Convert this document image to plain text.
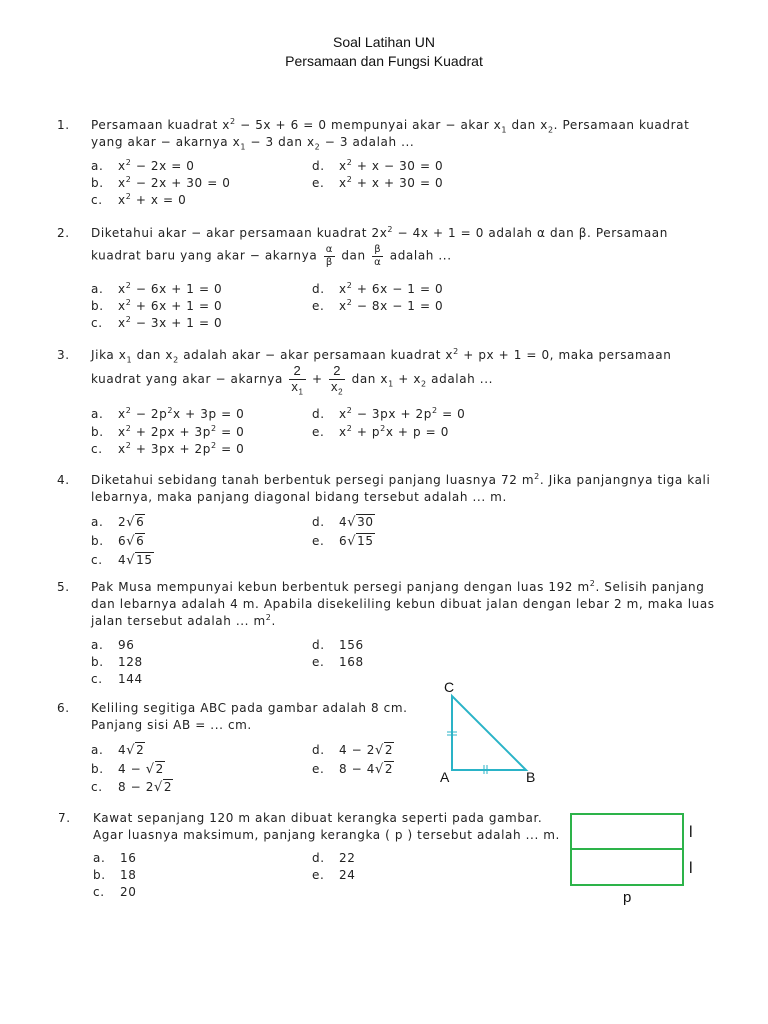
Soal Latihan UN
Persamaan dan Fungsi Kuadrat
1. Persamaan kuadrat $x^2 - 5x + 6 = 0$ mempunyai akar − akar $x_1$ dan $x_2$. Persamaan kuadrat
yang akar − akarnya $x_1 - 3$ dan $x_2 - 3$ adalah ...
a. $x^2 - 2x = 0$
b. $x^2 - 2x + 30 = 0$
c. $x^2 + x = 0$
d. $x^2 + x - 30 = 0$
e. $x^2 + x + 30 = 0$
2. Diketahui akar − akar persamaan kuadrat $2x^2 - 4x + 1 = 0$ adalah α dan β. Persamaan
kuadrat baru yang akar − akarnya $\frac{\alpha}{\beta}$ dan $\frac{\beta}{\alpha}$ adalah ...
a. $x^2 - 6x + 1 = 0$
b. $x^2 + 6x + 1 = 0$
c. $x^2 - 3x + 1 = 0$
d. $x^2 + 6x - 1 = 0$
e. $x^2 - 8x - 1 = 0$
3. Jika $x_1$ dan $x_2$ adalah akar − akar persamaan kuadrat $x^2$ + px + 1 = 0, maka persamaan
kuadrat yang akar − akarnya $\frac{2}{x_1} + \frac{2}{x_2}$ dan $x_1 + x_2$ adalah ...
a. $x^2 - 2p^2x + 3p = 0$
b. $x^2 + 2px + 3p^2 = 0$
c. $x^2 + 3px + 2p^2 = 0$
d. $x^2 - 3px + 2p^2 = 0$
e. $x^2 + p^2x + p = 0$
4. Diketahui sebidang tanah berbentuk persegi panjang luasnya 72 $m^2$. Jika panjangnya tiga kali
lebarnya, maka panjang diagonal bidang tersebut adalah ... m.
a. 2√6
b. 6√6
c. 4√15
d. 4√30
e. 6√15
5. Pak Musa mempunyai kebun berbentuk persegi panjang dengan luas 192 $m^2$. Selisih panjang
dan lebarnya adalah 4 m. Apabila disekeliling kebun dibuat jalan dengan lebar 2 m, maka luas
jalan tersebut adalah ... $m^2$.
a. 96
b. 128
c. 144
d. 156
e. 168
6. Keliling segitiga ABC pada gambar adalah 8 cm.
Panjang sisi AB = ... cm.
a. 4√2
b. 4 − √2
c. 8 − 2√2
d. 4 − 2√2
e. 8 − 4√2
C
A	B
7. Kawat sepanjang 120 m akan dibuat kerangka seperti pada gambar.
Agar luasnya maksimum, panjang kerangka ( p ) tersebut adalah ... m.
a. 16
b. 18
c. 20
d. 22
e. 24
l
l
p
